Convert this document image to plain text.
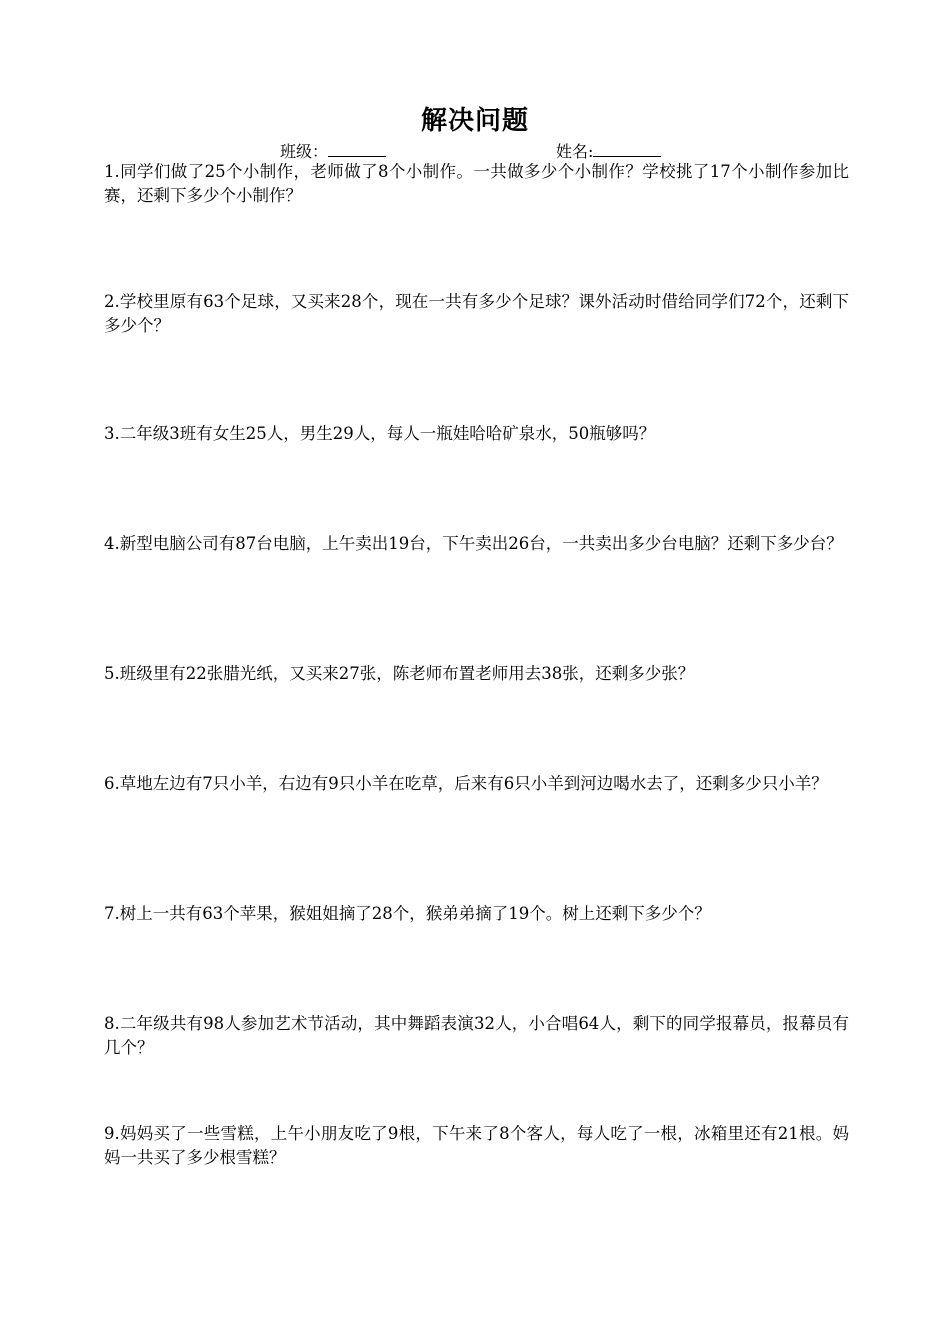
解决问题
班级：	姓名:
1.同学们做了25个小制作，老师做了8个小制作。一共做多少个小制作？学校挑了17个小制作参加比赛，还剩下多少个小制作？
2.学校里原有63个足球，又买来28个，现在一共有多少个足球？课外活动时借给同学们72个，还剩下多少个？
3.二年级3班有女生25人，男生29人，每人一瓶娃哈哈矿泉水，50瓶够吗？
4.新型电脑公司有87台电脑，上午卖出19台，下午卖出26台，一共卖出多少台电脑？还剩下多少台？
5.班级里有22张腊光纸，又买来27张，陈老师布置老师用去38张，还剩多少张？
6.草地左边有7只小羊，右边有9只小羊在吃草，后来有6只小羊到河边喝水去了，还剩多少只小羊？
7.树上一共有63个苹果，猴姐姐摘了28个，猴弟弟摘了19个。树上还剩下多少个？
8.二年级共有98人参加艺术节活动，其中舞蹈表演32人，小合唱64人，剩下的同学报幕员，报幕员有几个？
9.妈妈买了一些雪糕，上午小朋友吃了9根，下午来了8个客人，每人吃了一根，冰箱里还有21根。妈妈一共买了多少根雪糕？
